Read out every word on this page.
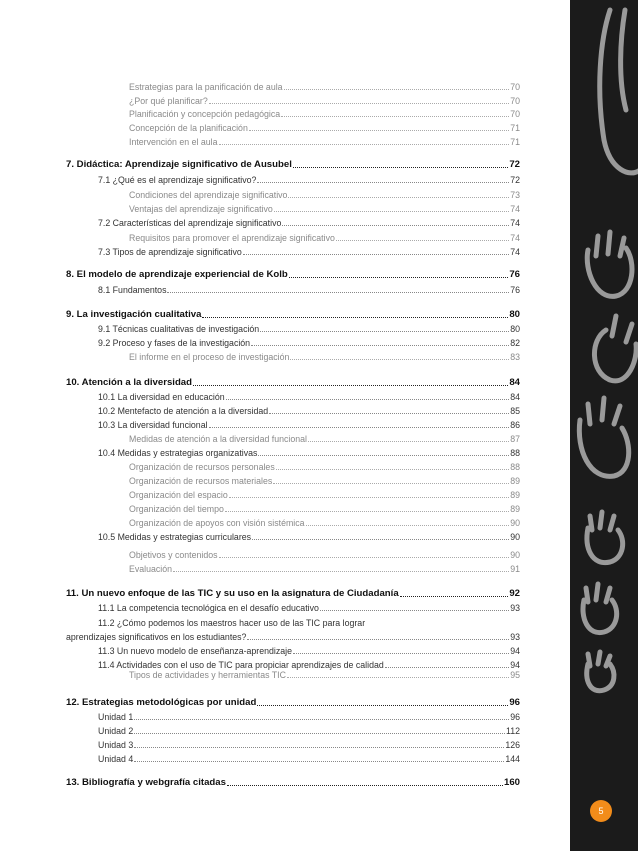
Estrategias para la panificación de aula	70
¿Por qué planificar?	70
Planificación y concepción pedagógica	70
Concepción de la planificación	71
Intervención en el aula	71
7. Didáctica: Aprendizaje significativo de Ausubel	72
7.1 ¿Qué es el aprendizaje significativo?	72
Condiciones del aprendizaje significativo	73
Ventajas del aprendizaje significativo	74
7.2 Características del aprendizaje significativo	74
Requisitos para promover el aprendizaje significativo	74
7.3 Tipos de aprendizaje significativo	74
8. El modelo de aprendizaje experiencial de Kolb	76
8.1 Fundamentos	76
9. La investigación cualitativa	80
9.1 Técnicas cualitativas de investigación	80
9.2 Proceso y fases de la investigación	82
El informe en el proceso de investigación	83
10. Atención a la diversidad	84
10.1 La diversidad en educación	84
10.2 Mentefacto de atención a la diversidad	85
10.3 La diversidad funcional	86
Medidas de atención a la diversidad funcional	87
10.4 Medidas y estrategias organizativas	88
Organización de recursos personales	88
Organización de recursos materiales	89
Organización del espacio	89
Organización del tiempo	89
Organización de apoyos con visión sistémica	90
10.5 Medidas y estrategias curriculares	90
Objetivos y contenidos	90
Evaluación	91
11. Un nuevo enfoque de las TIC y su uso en la asignatura de Ciudadanía	92
11.1 La competencia tecnológica en el desafío educativo	93
11.2 ¿Cómo podemos los maestros hacer uso de las TIC para lograr
aprendizajes significativos en los estudiantes?	93
11.3 Un nuevo modelo de enseñanza-aprendizaje	94
11.4 Actividades con el uso de TIC para propiciar aprendizajes de calidad	94
Tipos de actividades y herramientas TIC	95
12. Estrategias metodológicas por unidad	96
Unidad 1	96
Unidad 2	112
Unidad 3	126
Unidad 4	144
13. Bibliografía y webgrafía citadas	160
5
